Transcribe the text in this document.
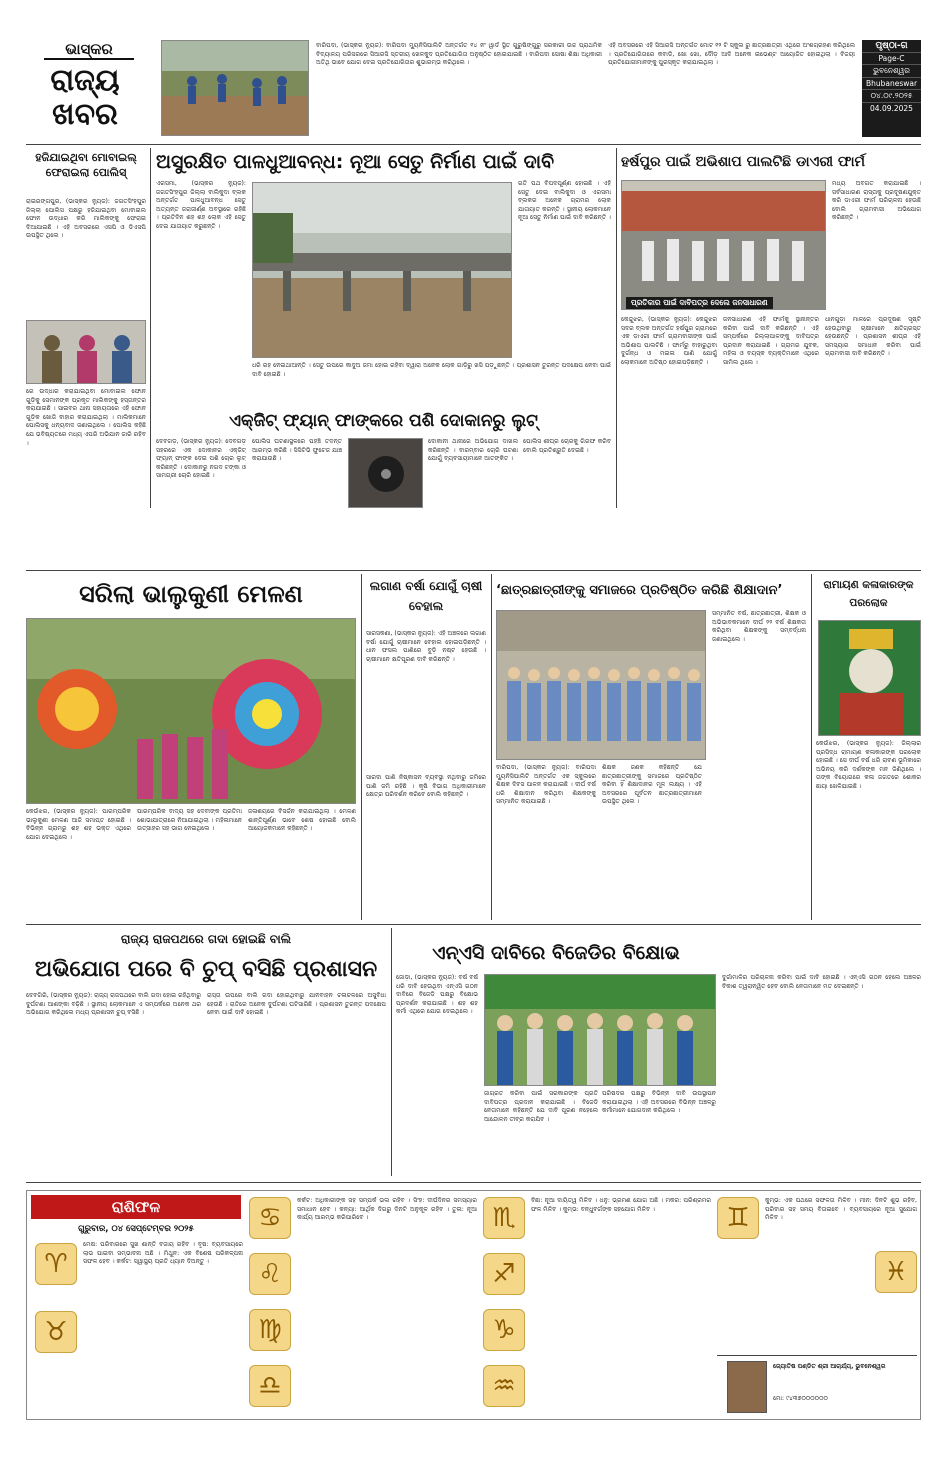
ଭାସ୍କର
ରାଜ୍ୟ ଖବର
ବାରିପଦା, (ଭାସ୍କର ନ୍ୟୁଜ): ବାରିପଦା ମ୍ୟୁନିସିପାଲିଟି ଅନ୍ତର୍ଗତ ୧୪ ନଂ ୱାର୍ଡ ସ୍ଥିତ ଗୁରୁଷିଙ୍ଗୁରୁ ସରକାରୀ ଉଚ୍ଚ ପ୍ରାଥମିକ ବିଦ୍ୟାଳୟ ପରିସରରେ ସିଆରସି ସ୍ତରୀୟ ଖେଳକୁଦ ପ୍ରତିଯୋଗିତା ଅନୁଷ୍ଠିତ ହୋଇଯାଇଛି । ବାରିପଦା ସୋଷା ଶିକ୍ଷା ଅଧିକାରୀ ଅତିଥି ଭାବେ ଯୋଗ ଦେଇ ପ୍ରତିଯୋଗିତାର ଶୁଭାରମ୍ଭ କରିଥିଲେ ।
ଏହି ଅବସରରେ ଏହି ସିଆରସି ଅନ୍ତର୍ଗତ ମୋଟ ୧୨ ଟି ସ୍କୁଲ ରୁ ଛାତ୍ରଛାତ୍ରୀ ଏଥିରେ ଅଂଶଗ୍ରହଣ କରିଥିଲେ । ପ୍ରତିଯୋଗିତାରେ କବାଡି, ଖୋ ଖୋ, ଦୌଡ଼ ଆଦି ଅନେକ ଇଭେଣ୍ଟ ଆୟୋଜିତ ହୋଇଥିଲା । ବିଜୟୀ ପ୍ରତିଯୋଗୀମାନଙ୍କୁ ପୁରସ୍କୃତ କରାଯାଇଥିଲା ।
ପୃଷ୍ଠା-ଗ
Page-C
ଭୁବନେଶ୍ୱର
Bhubaneswar
୦୪.୦୯.୨୦୨୫
04.09.2025
ହଜିଯାଇଥିବା ମୋବାଇଲ୍ ଫେରାଇଲା ପୋଲିସ୍
ରାଇରଙ୍ଗପୁର, (ଭାସ୍କର ନ୍ୟୁଜ): ଜଗତସିଂହପୁର ଜିଲ୍ଲା ପୋଲିସ ପକ୍ଷରୁ ହଜିଯାଇଥିବା ମୋବାଇଲ ଫୋନ ଉଦ୍ଧାର କରି ମାଲିକଙ୍କୁ ଫେରାଇ ଦିଆଯାଇଛି । ଏହି ଅବସରରେ ଏସପି ଓ ଡିଏସପି ଉପସ୍ଥିତ ଥିଲେ ।
ରେ ଉଦ୍ଧାର କରାଯାଇଥିବା ମୋବାଇଲ ଫୋନ ଗୁଡ଼ିକୁ ସେମାନଙ୍କ ପ୍ରକୃତ ମାଲିକଙ୍କୁ ହସ୍ତାନ୍ତର କରାଯାଇଛି । ସାଇବର ଥାନା ସହାୟତାରେ ଏହି ଫୋନ ଗୁଡ଼ିକ ଖୋଜି ବାହାର କରାଯାଇଥିଲା । ମାଲିକମାନେ ପୋଲିସକୁ ଧନ୍ୟବାଦ ଜଣାଇଥିଲେ । ପୋଲିସ କହିଛି ଯେ ଭବିଷ୍ୟତରେ ମଧ୍ୟ ଏପରି ଅଭିଯାନ ଜାରି ରହିବ ।
ଅସୁରକ୍ଷିତ ପାଳଧୁଆବନ୍ଧ: ନୂଆ ସେତୁ ନିର୍ମାଣ ପାଇଁ ଦାବି
ଏରସମା, (ଭାସ୍କର ନ୍ୟୁଜ): ଜଗତସିଂହପୁର ଜିଲ୍ଲା ବାଲିକୁଦା ବ୍ଲକ ଅନ୍ତର୍ଗତ ପାଳଧୁଆବନ୍ଧ ସେତୁ ଅତ୍ୟନ୍ତ ଜରାଜୀର୍ଣ୍ଣ ଅବସ୍ଥାରେ ରହିଛି । ପ୍ରତିଦିନ ଶହ ଶହ ଲୋକ ଏହି ସେତୁ ଦେଇ ଯାତାୟାତ କରୁଛନ୍ତି ।
ଗତି ପଥ ବିପଦପୂର୍ଣ୍ଣ ହୋଇଛି । ଏହି ସେତୁ ଦେଇ ବାଲିକୁଦା ଓ ଏରସମା ବ୍ଲକର ଅନେକ ଗ୍ରାମର ଲୋକ ଯାତାୟାତ କରନ୍ତି । ସ୍ଥାନୀୟ ଲୋକମାନେ ନୂଆ ସେତୁ ନିର୍ମାଣ ପାଇଁ ଦାବି କରିଛନ୍ତି ।
ଧରି ରହ ନେଇଥାଆନ୍ତି । ସେତୁ ଉପରେ କାଦୁଅ ଜମା ହୋଇ ରହିବା ଦ୍ୱାରା ଅନେକ ଲୋକ ଗାଡ଼ିରୁ ଖସି ପଡ଼ୁଛନ୍ତି । ପ୍ରଶାସନ ତୁରନ୍ତ ପଦକ୍ଷେପ ନେବା ପାଇଁ ଦାବି ହୋଇଛି ।
ହର୍ଷପୁର ପାଇଁ ଅଭିଶାପ ପାଲଟିଛି ଡାଏରୀ ଫାର୍ମ
ପ୍ରତିକାର ପାଇଁ ଦାବିପତ୍ର ଦେଲେ ଜନସାଧାରଣ
ମଧ୍ୟ ଅବଗତ କରାଯାଇଛି । ସର୍ବସାଧାରଣ ରାସ୍ତାକୁ ପ୍ରଦୂଷଣଯୁକ୍ତ କରି ଡାଏରୀ ଫାର୍ମ ପରିଚାଳନା ହେଉଛି ବୋଲି ଗ୍ରାମବାସୀ ଅଭିଯୋଗ କରିଛନ୍ତି ।
କେନ୍ଦୁଝର, (ଭାସ୍କର ନ୍ୟୁଜ): କେନ୍ଦୁଝର ସଦର ବ୍ଲକ ଅନ୍ତର୍ଗତ ହର୍ଷପୁର ଗ୍ରାମରେ ଏକ ଡାଏରୀ ଫାର୍ମ ଗ୍ରାମବାସୀଙ୍କ ପାଇଁ ଅଭିଶାପ ପାଲଟିଛି । ଫାର୍ମରୁ ବାହାରୁଥିବା ଦୁର୍ଗନ୍ଧ ଓ ମଇଳା ପାଣି ଯୋଗୁଁ ଲୋକମାନେ ଅତିଷ୍ଠ ହୋଇପଡ଼ିଛନ୍ତି ।
ଜନସାଧାରଣ ଏହି ଫାର୍ମକୁ ସ୍ଥାନାନ୍ତର କରିବା ପାଇଁ ଦାବି କରିଛନ୍ତି । ଏହି ସମ୍ପର୍କରେ ଜିଲ୍ଲାପାଳଙ୍କୁ ଦାବିପତ୍ର ପ୍ରଦାନ କରାଯାଇଛି । ଗ୍ରାମର ଯୁବକ, ମହିଳା ଓ ବୟସ୍କ ବ୍ୟକ୍ତିମାନେ ଏଥିରେ ସାମିଲ ଥିଲେ ।
ଧାନଗୁଡ଼ା ମାଳରେ ପ୍ରଦୂଷଣ ସୃଷ୍ଟି ହେଉଥିବାରୁ ଚାଷୀମାନେ କ୍ଷତିଗ୍ରସ୍ତ ହେଉଛନ୍ତି । ପ୍ରଶାସନ ଶୀଘ୍ର ଏହି ସମସ୍ୟାର ସମାଧାନ କରିବା ପାଇଁ ଗ୍ରାମବାସୀ ଦାବି କରିଛନ୍ତି ।
ଏକ୍ଜିଟ୍ ଫ୍ୟାନ୍ ଫାଙ୍କରେ ପଶି ଦୋକାନରୁ ଲୁଟ୍
ଦେବଗଡ଼, (ଭାସ୍କର ନ୍ୟୁଜ): ଦେବଗଡ଼ ସହରରେ ଏକ ଦୋକାନର ଏକ୍ଜିଟ୍ ଫ୍ୟାନ୍ ଫାଙ୍କ ଦେଇ ପଶି ଚୋର ଲୁଟ୍ କରିଛନ୍ତି । ଦୋକାନରୁ ନଗଦ ଟଙ୍କା ଓ ସାମଗ୍ରୀ ଚୋରି ହୋଇଛି ।
ପୋଲିସ ଘଟଣାସ୍ଥଳରେ ପହଞ୍ଚି ତଦନ୍ତ ଆରମ୍ଭ କରିଛି । ସିସିଟିଭି ଫୁଟେଜ ଯାଞ୍ଚ କରାଯାଉଛି ।
ଦୋକାନୀ ଥାନାରେ ଅଭିଯୋଗ ଦାଖଲ କରିଛନ୍ତି । ବାରମ୍ବାର ଚୋରି ଘଟଣା ଯୋଗୁଁ ବ୍ୟବସାୟୀମାନେ ଆତଙ୍କିତ ।
ପୋଲିସ ଶୀଘ୍ର ଚୋରକୁ ଗିରଫ କରିବ ବୋଲି ପ୍ରତିଶ୍ରୁତି ଦେଇଛି ।
ସରିଲା ଭାଲୁକୁଣୀ ମେଳଣ
କେଉଁଝର, (ଭାସ୍କର ନ୍ୟୁଜ): ପାରମ୍ପରିକ ଭାଲୁକୁଣୀ ମେଳଣ ଆଜି ସମାପ୍ତ ହୋଇଛି । ବିଭିନ୍ନ ଗ୍ରାମରୁ ଶହ ଶହ ଭକ୍ତ ଏଥିରେ ଯୋଗ ଦେଇଥିଲେ ।
ପାରମ୍ପରିକ ବାଦ୍ୟ ସହ ଦେବୀଙ୍କ ପ୍ରତିମା ଶୋଭାଯାତ୍ରାରେ ନିଆଯାଇଥିଲା । ମହିଳାମାନେ ଉତ୍ସାହର ସହ ଭାଗ ନେଇଥିଲେ ।
ଜଳାଶୟରେ ବିସର୍ଜନ କରାଯାଇଥିଲା । ମେଳଣ ଶାନ୍ତିପୂର୍ଣ୍ଣ ଭାବେ ଶେଷ ହୋଇଛି ବୋଲି ଆୟୋଜକମାନେ କହିଛନ୍ତି ।
ଲଗାଣ ବର୍ଷା ଯୋଗୁଁ ଚାଷୀ ବେହାଲ
ସାରସକଣା, (ଭାସ୍କର ନ୍ୟୁଜ): ଏହି ଅଞ୍ଚଳରେ ଲଗାଣ ବର୍ଷା ଯୋଗୁଁ ଚାଷୀମାନେ ବେହାଲ ହୋଇପଡ଼ିଛନ୍ତି । ଧାନ ଫସଲ ପାଣିରେ ବୁଡ଼ି ନଷ୍ଟ ହେଉଛି । ଚାଷୀମାନେ କ୍ଷତିପୂରଣ ଦାବି କରିଛନ୍ତି ।
ସାରଦା ପାଣି ନିଷ୍କାସନ ବ୍ୟବସ୍ଥା ନଥିବାରୁ ଜମିରେ ପାଣି ଜମି ରହିଛି । କୃଷି ବିଭାଗ ଅଧିକାରୀମାନେ କ୍ଷେତ୍ର ପରିଦର୍ଶନ କରିବେ ବୋଲି କହିଛନ୍ତି ।
‘ଛାତ୍ରଛାତ୍ରୀଙ୍କୁ ସମାଜରେ ପ୍ରତିଷ୍ଠିତ କରିଛି ଶିକ୍ଷାଦାନ’
ସମ୍ମାନିତ ବର୍ଷ, ଛାତ୍ରଛାତ୍ରୀ, ଶିକ୍ଷକ ଓ ଅଭିଭାବକମାନେ ଦୀର୍ଘ ୨୨ ବର୍ଷ ଶିକ୍ଷକତା କରିଥିବା ଶିକ୍ଷକଙ୍କୁ ସମ୍ବର୍ଦ୍ଧନା ଜଣାଇଥିଲେ ।
ବାରିପଦା, (ଭାସ୍କର ନ୍ୟୁଜ): ବାରିପଦା ମ୍ୟୁନିସିପାଲିଟି ଅନ୍ତର୍ଗତ ଏକ ସ୍କୁଲରେ ଶିକ୍ଷକ ଦିବସ ପାଳନ କରାଯାଇଛି । ଦୀର୍ଘ ବର୍ଷ ଧରି ଶିକ୍ଷାଦାନ କରିଥିବା ଶିକ୍ଷକଙ୍କୁ ସମ୍ମାନିତ କରାଯାଇଛି ।
ଶିକ୍ଷକ ଜଣକ କହିଛନ୍ତି ଯେ ଛାତ୍ରଛାତ୍ରୀଙ୍କୁ ସମାଜରେ ପ୍ରତିଷ୍ଠିତ କରିବା ହିଁ ଶିକ୍ଷାଦାନର ମୂଳ ଲକ୍ଷ୍ୟ । ଏହି ଅବସରରେ ପୂର୍ବତନ ଛାତ୍ରଛାତ୍ରୀମାନେ ଉପସ୍ଥିତ ଥିଲେ ।
ରାମାୟଣ କଳାକାରଙ୍କ ପରଲୋକ
କେଉଁଝର, (ଭାସ୍କର ନ୍ୟୁଜ): ଜିଲ୍ଲାର ପ୍ରସିଦ୍ଧ ରାମାୟଣ କଳାକାରଙ୍କ ପରଲୋକ ହୋଇଛି । ସେ ଦୀର୍ଘ ବର୍ଷ ଧରି ରାବଣ ଭୂମିକାରେ ଅଭିନୟ କରି ଦର୍ଶକଙ୍କ ମନ ଜିଣିଥିଲେ । ତାଙ୍କ ବିୟୋଗରେ କଳା ଜଗତରେ ଶୋକର ଛାୟା ଖେଳିଯାଇଛି ।
ରାଜ୍ୟ ରାଜପଥରେ ଗଦା ହୋଇଛି ବାଲି
ଅଭିଯୋଗ ପରେ ବି ଚୁପ୍ ବସିଛି ପ୍ରଶାସନ
ଦେବଗିରି, (ଭାସ୍କର ନ୍ୟୁଜ): ରାଜ୍ୟ ରାଜପଥରେ ବାଲି ଗଦା ହୋଇ ରହିଥିବାରୁ ଦୁର୍ଘଟଣା ଆଶଙ୍କା ବଢ଼ିଛି । ସ୍ଥାନୀୟ ଲୋକମାନେ ଏ ସମ୍ପର୍କରେ ଅନେକ ଥର ଅଭିଯୋଗ କରିଥିଲେ ମଧ୍ୟ ପ୍ରଶାସନ ଚୁପ୍ ବସିଛି ।
ରାସ୍ତା ଉପରେ ବାଲି ଗଦା ହୋଇଥିବାରୁ ଯାନବାହନ ଚଳାଚଳରେ ଅସୁବିଧା ହେଉଛି । ରାତିରେ ଅନେକ ଦୁର୍ଘଟଣା ଘଟିସାରିଛି । ପ୍ରଶାସନ ତୁରନ୍ତ ପଦକ୍ଷେପ ନେବା ପାଇଁ ଦାବି ହୋଇଛି ।
ଏନ୍ଏସି ଦାବିରେ ବିଜେଡିର ବିକ୍ଷୋଭ
ଜୋଡ଼ା, (ଭାସ୍କର ନ୍ୟୁଜ): ବର୍ଷ ବର୍ଷ ଧରି ଦାବି ହେଉଥିବା ଏନ୍ଏସି ଗଠନ ଦାବିରେ ବିଜେଡି ପକ୍ଷରୁ ବିକ୍ଷୋଭ ପ୍ରଦର୍ଶନ କରାଯାଇଛି । ଶହ ଶହ କର୍ମୀ ଏଥିରେ ଯୋଗ ଦେଇଥିଲେ ।
ଜାଗ୍ରତ କରିବା ପାଇଁ ସରକାରଙ୍କ ପ୍ରତି ଦାବିପତ୍ର ପ୍ରଦାନ କରାଯାଇଛି । ବିଜେଡି ନେତାମାନେ କହିଛନ୍ତି ଯେ ଦାବି ପୂରଣ ନହେଲେ ଆନ୍ଦୋଳନ ତୀବ୍ର କରାଯିବ ।
ପରିଷଦର ପକ୍ଷରୁ ବିଭିନ୍ନ ଦାବି ଉପସ୍ଥାପନ କରାଯାଇଥିଲା । ଏହି ଅବସରରେ ବିଭିନ୍ନ ଅଞ୍ଚଳରୁ କର୍ମୀମାନେ ଯୋଗଦାନ କରିଥିଲେ ।
ଦୁର୍ଗାମାଳିର ପରିଚାଳନା କରିବା ପାଇଁ ଦାବି ହୋଇଛି । ଏନ୍ଏସି ଗଠନ ହେଲେ ଅଞ୍ଚଳର ବିକାଶ ତ୍ୱରାନ୍ୱିତ ହେବ ବୋଲି ନେତାମାନେ ମତ ଦେଇଛନ୍ତି ।
ରାଶିଫଳ
ଗୁରୁବାର, ୦୪ ସେପ୍ଟେମ୍ବର ୨୦୨୫
♈
♉
ମେଷ: ପରିବାରରେ ସୁଖ ଶାନ୍ତି ବଜାୟ ରହିବ । ବୃଷ: ବ୍ୟବସାୟରେ ଲାଭ ପାଇବା ସମ୍ଭାବନା ଅଛି । ମିଥୁନ: ଏକ ବିଶେଷ ପରିକଳ୍ପନା ସଫଳ ହେବ । କର୍କଟ: ସ୍ୱାସ୍ଥ୍ୟ ପ୍ରତି ଧ୍ୟାନ ଦିଅନ୍ତୁ ।
♋
♌
♍
♎
କର୍କଟ: ଅଧିକାରୀଙ୍କ ସହ ସମ୍ପର୍କ ଭଲ ରହିବ । ସିଂହ: ଦୀର୍ଘଦିନର ସମସ୍ୟାର ସମାଧାନ ହେବ । କନ୍ୟା: ଆର୍ଥିକ ଦିଗରୁ ଦିନଟି ଅନୁକୂଳ ରହିବ । ତୁଳା: ନୂଆ କାର୍ଯ୍ୟ ଆରମ୍ଭ କରିପାରିବେ ।	♏
♐
♑
♒
ବିଛା: ନୂଆ ଦାୟିତ୍ୱ ମିଳିବ । ଧନୁ: ଭ୍ରମଣ ଯୋଗ ଅଛି । ମକର: ପରିଶ୍ରମର ଫଳ ମିଳିବ । କୁମ୍ଭ: ବନ୍ଧୁବର୍ଗଙ୍କ ସହଯୋଗ ମିଳିବ ।	♊
♓
କୁମ୍ଭ: ଏକ ପଥରେ ସଫଳତା ମିଳିବ । ମୀନ: ଦିନଟି ଶୁଭ ରହିବ, ପରିବାର ସହ ସମୟ ବିତାଇବେ । ବ୍ୟବସାୟରେ ନୂଆ ସୁଯୋଗ ମିଳିବ ।
ଜ୍ୟୋତିଷ ପଣ୍ଡିତ ଶ୍ରୀ ଆଚାର୍ଯ୍ୟ, ଭୁବନେଶ୍ୱର
ମୋ: ୯୪୩୭୦୦୦୦୦୦
